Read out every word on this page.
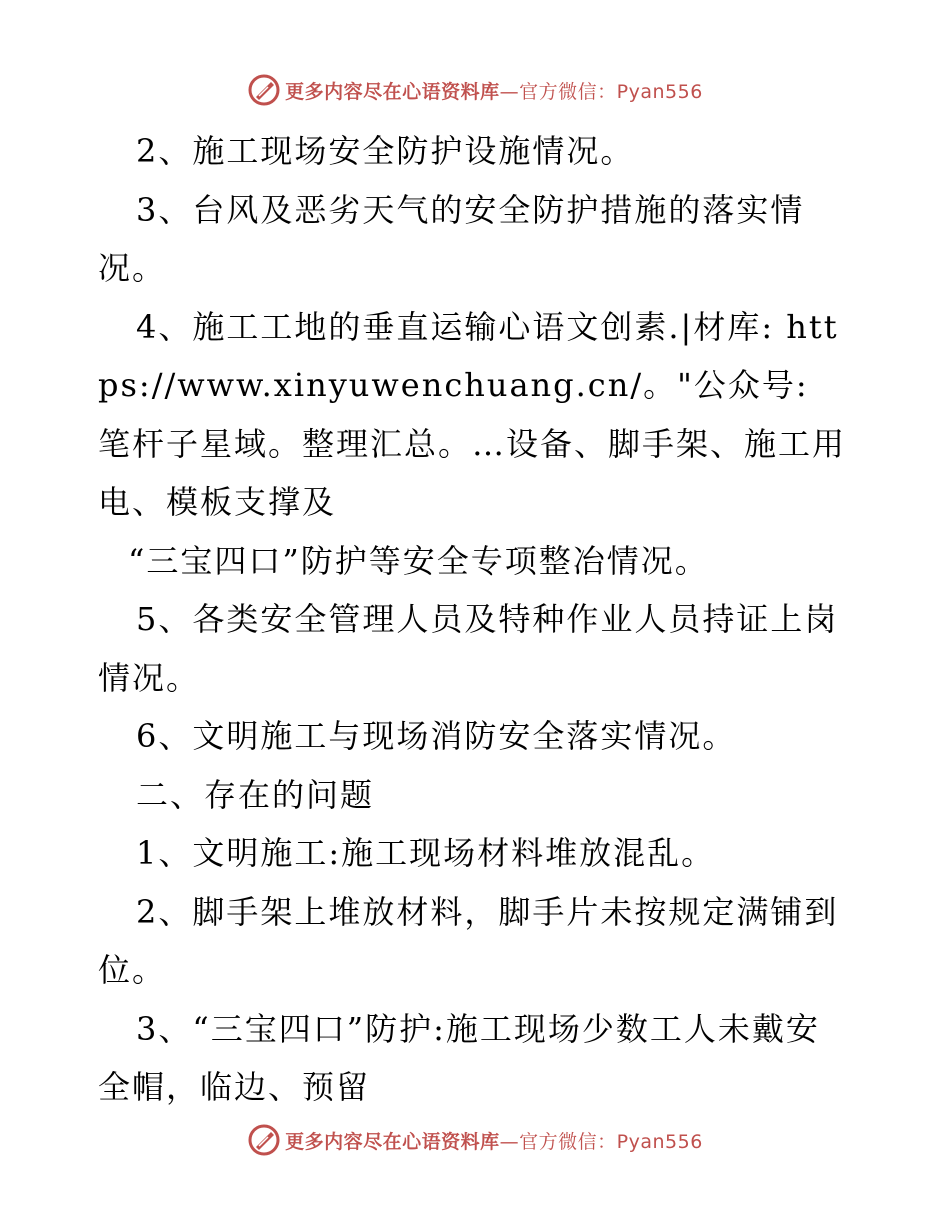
更多内容尽在心语资料库—官方微信：Pyan556

2、施工现场安全防护设施情况。

3、台风及恶劣天气的安全防护措施的落实情况。

4、施工工地的垂直运输心语文创素.|材库: https://www.xinyuwenchuang.cn/。"公众号: 笔杆子星域。整理汇总。…设备、脚手架、施工用电、模板支撑及

“三宝四口”防护等安全专项整冶情况。

5、各类安全管理人员及特种作业人员持证上岗情况。

6、文明施工与现场消防安全落实情况。

二、存在的问题

1、文明施工:施工现场材料堆放混乱。

2、脚手架上堆放材料，脚手片未按规定满铺到位。

3、“三宝四口”防护:施工现场少数工人未戴安全帽，临边、预留

更多内容尽在心语资料库—官方微信：Pyan556
